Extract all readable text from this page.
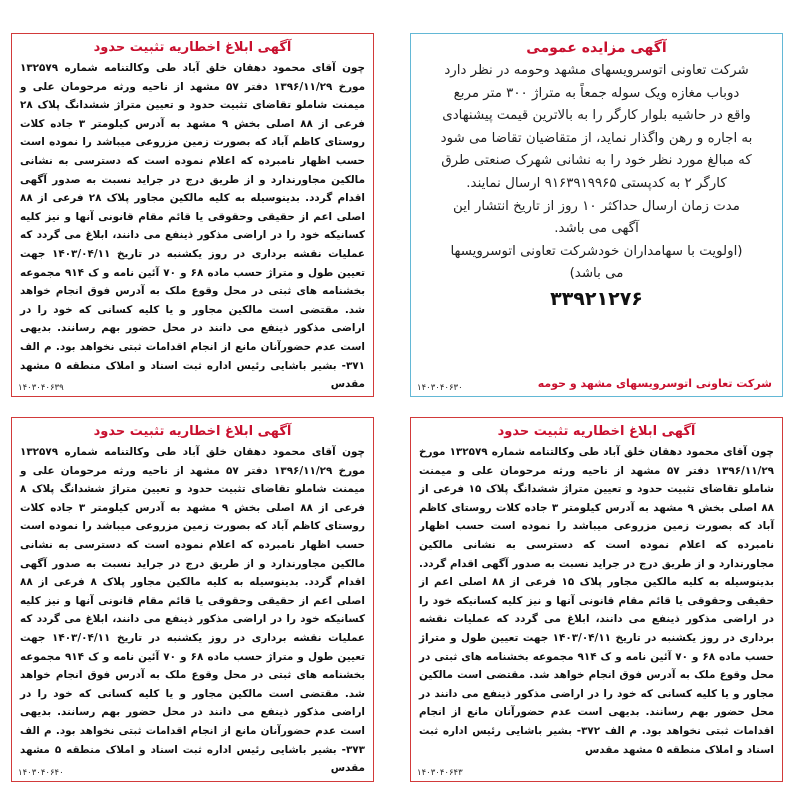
آگهی ابلاغ اخطاریه تثبیت حدود

چون آقای محمود دهقان خلق آباد طی وکالتنامه شماره ۱۳۲۵۷۹ مورخ ۱۳۹۶/۱۱/۲۹ دفتر ۵۷ مشهد از ناحیه ورثه مرحومان علی و میمنت شاملو تقاضای تثبیت حدود و تعیین متراژ ششدانگ پلاک ۲۸ فرعی از ۸۸ اصلی بخش ۹ مشهد به آدرس کیلومتر ۳ جاده کلات روستای کاظم آباد که بصورت زمین مزروعی میباشد را نموده است حسب اظهار نامبرده که اعلام نموده است که دسترسی به نشانی مالکین مجاورندارد و از طریق درج در جراید نسبت به صدور آگهی اقدام گردد. بدینوسیله به کلیه مالکین مجاور پلاک ۲۸ فرعی از ۸۸ اصلی اعم از حقیقی وحقوقی یا قائم مقام قانونی آنها و نیز کلیه کسانیکه خود را در اراضی مذکور ذینفع می دانند، ابلاغ می گردد که عملیات نقشه برداری در روز یکشنبه در تاریخ ۱۴۰۳/۰۴/۱۱ جهت تعیین طول و متراژ حسب ماده ۶۸ و ۷۰ آئین نامه و ک ۹۱۴ مجموعه بخشنامه های ثبتی در محل وقوع ملک به آدرس فوق انجام خواهد شد. مقتضی است مالکین مجاور و یا کلیه کسانی که خود را در اراضی مذکور ذینفع می دانند در محل حضور بهم رسانند. بدیهی است عدم حضورآنان مانع از انجام اقدامات ثبتی نخواهد بود. م الف ۳۷۱- بشیر باشایی رئیس اداره ثبت اسناد و املاک منطقه ۵ مشهد مقدس

۱۴۰۳۰۴۰۶۳۹
آگهی مزایده عمومی

شرکت تعاونی اتوسرویسهای مشهد وحومه در نظر دارد

دوباب مغازه ویک سوله جمعاً به متراژ ۳۰۰ متر مربع

واقع در حاشیه بلوار کارگر را به بالاترین قیمت پیشنهادی

به اجاره و رهن واگذار نماید، از متقاضیان تقاضا می شود

که مبالغ مورد نظر خود را به نشانی شهرک صنعتی طرق

کارگر ۲ به کدپستی ۹۱۶۳۹۱۹۹۶۵ ارسال نمایند.

مدت زمان ارسال حداکثر ۱۰ روز از تاریخ انتشار این

آگهی می باشد.

(اولویت با سهامداران خودشرکت تعاونی اتوسرویسها

می باشد)

۳۳۹۲۱۲۷۶

شرکت تعاونی اتوسرویسهای مشهد و حومه
۱۴۰۳۰۴۰۶۳۰
آگهی ابلاغ اخطاریه تثبیت حدود

چون آقای محمود دهقان خلق آباد طی وکالتنامه شماره ۱۳۲۵۷۹ مورخ ۱۳۹۶/۱۱/۲۹ دفتر ۵۷ مشهد از ناحیه ورثه مرحومان علی و میمنت شاملو تقاضای تثبیت حدود و تعیین متراژ ششدانگ پلاک ۸ فرعی از ۸۸ اصلی بخش ۹ مشهد به آدرس کیلومتر ۳ جاده کلات روستای کاظم آباد که بصورت زمین مزروعی میباشد را نموده است حسب اظهار نامبرده که اعلام نموده است که دسترسی به نشانی مالکین مجاورندارد و از طریق درج در جراید نسبت به صدور آگهی اقدام گردد. بدینوسیله به کلیه مالکین مجاور پلاک ۸ فرعی از ۸۸ اصلی اعم از حقیقی وحقوقی یا قائم مقام قانونی آنها و نیز کلیه کسانیکه خود را در اراضی مذکور ذینفع می دانند، ابلاغ می گردد که عملیات نقشه برداری در روز یکشنبه در تاریخ ۱۴۰۳/۰۴/۱۱ جهت تعیین طول و متراژ حسب ماده ۶۸ و ۷۰ آئین نامه و ک ۹۱۴ مجموعه بخشنامه های ثبتی در محل وقوع ملک به آدرس فوق انجام خواهد شد. مقتضی است مالکین مجاور و یا کلیه کسانی که خود را در اراضی مذکور ذینفع می دانند در محل حضور بهم رسانند. بدیهی است عدم حضورآنان مانع از انجام اقدامات ثبتی نخواهد بود. م الف ۳۷۳- بشیر باشایی رئیس اداره ثبت اسناد و املاک منطقه ۵ مشهد مقدس

۱۴۰۳۰۴۰۶۴۰
آگهی ابلاغ اخطاریه تثبیت حدود

چون آقای محمود دهقان خلق آباد طی وکالتنامه شماره ۱۳۲۵۷۹ مورخ ۱۳۹۶/۱۱/۲۹ دفتر ۵۷ مشهد از ناحیه ورثه مرحومان علی و میمنت شاملو تقاضای تثبیت حدود و تعیین متراژ ششدانگ پلاک ۱۵ فرعی از ۸۸ اصلی بخش ۹ مشهد به آدرس کیلومتر ۳ جاده کلات روستای کاظم آباد که بصورت زمین مزروعی میباشد را نموده است حسب اظهار نامبرده که اعلام نموده است که دسترسی به نشانی مالکین مجاورندارد و از طریق درج در جراید نسبت به صدور آگهی اقدام گردد. بدینوسیله به کلیه مالکین مجاور پلاک ۱۵ فرعی از ۸۸ اصلی اعم از حقیقی وحقوقی یا قائم مقام قانونی آنها و نیز کلیه کسانیکه خود را در اراضی مذکور ذینفع می دانند، ابلاغ می گردد که عملیات نقشه برداری در روز یکشنبه در تاریخ ۱۴۰۳/۰۴/۱۱ جهت تعیین طول و متراژ حسب ماده ۶۸ و ۷۰ آئین نامه و ک ۹۱۴ مجموعه بخشنامه های ثبتی در محل وقوع ملک به آدرس فوق انجام خواهد شد. مقتضی است مالکین مجاور و یا کلیه کسانی که خود را در اراضی مذکور ذینفع می دانند در محل حضور بهم رسانند. بدیهی است عدم حضورآنان مانع از انجام اقدامات ثبتی نخواهد بود. م الف ۳۷۲- بشیر باشایی رئیس اداره ثبت اسناد و املاک منطقه ۵ مشهد مقدس

۱۴۰۳۰۴۰۶۴۳
